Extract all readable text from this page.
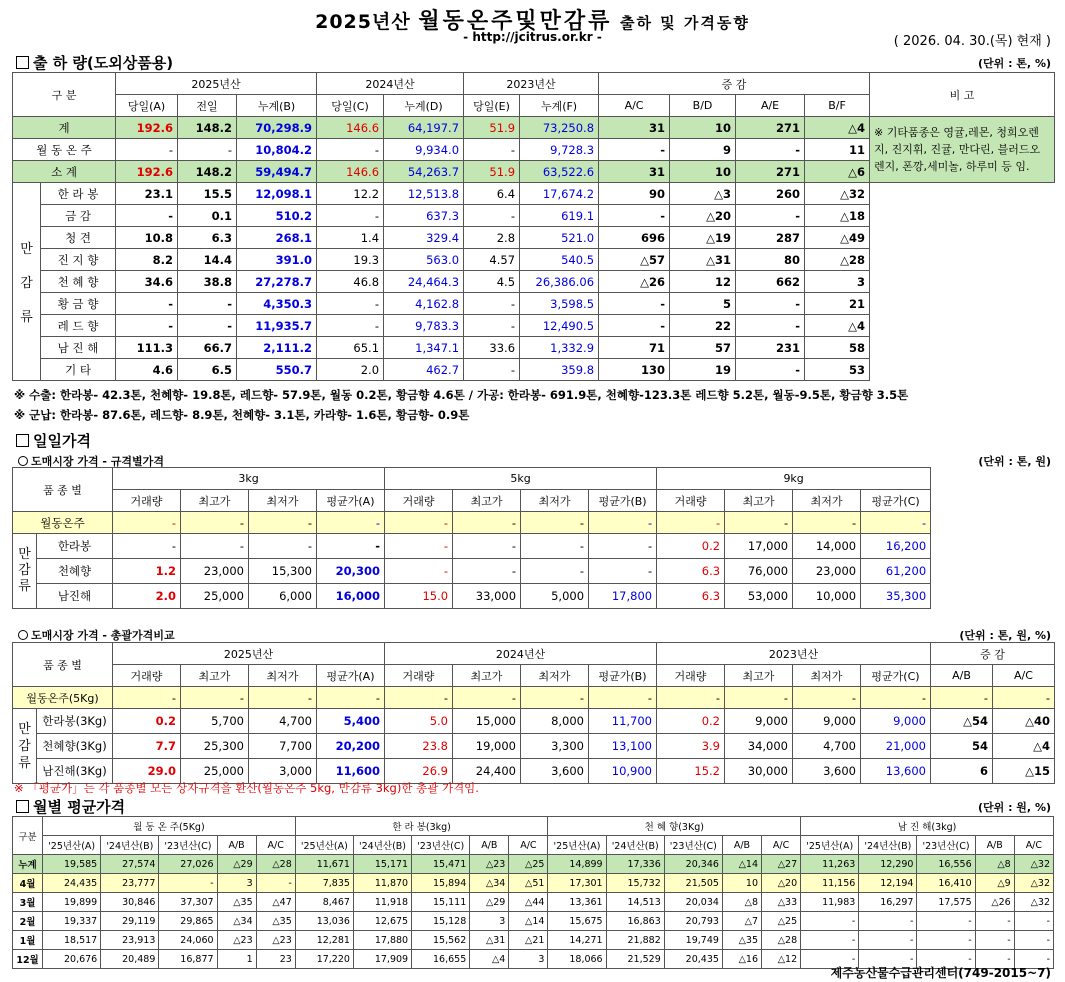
2025년산 월동온주및만감류 출하 및 가격동향
- http://jcitrus.or.kr -	( 2026. 04. 30.(목) 현재 )
출 하 량(도외상품용)	(단위 : 톤, %)
구 분		2025년산			2024년산		2023년산		증 감				비 고
		당일(A)	전일	누계(B)	당일(C)	누계(D)	당일(E)	누계(F)	A/C	B/D	A/E	B/F	
계		192.6	148.2	70,298.9	146.6	64,197.7	51.9	73,250.8	31	10	271	△4	※ 기타품종은 영귤,레몬, 청희오렌지, 진지휘, 진귤, 만다린, 블러드오렌지, 폰깡,세미놀, 하루미 등 임.
월 동 온 주		-	-	10,804.2	-	9,934.0	-	9,728.3	-	9	-	11	
소 계		192.6	148.2	59,494.7	146.6	54,263.7	51.9	63,522.6	31	10	271	△6	
만

감

류	한 라 봉	23.1	15.5	12,098.1	12.2	12,513.8	6.4	17,674.2	90	△3	260	△32	
	금 감	-	0.1	510.2	-	637.3	-	619.1	-	△20	-	△18	
	청 견	10.8	6.3	268.1	1.4	329.4	2.8	521.0	696	△19	287	△49	
	진 지 향	8.2	14.4	391.0	19.3	563.0	4.57	540.5	△57	△31	80	△28	
	천 혜 향	34.6	38.8	27,278.7	46.8	24,464.3	4.5	26,386.06	△26	12	662	3	
	황 금 향	-	-	4,350.3	-	4,162.8	-	3,598.5	-	5	-	21	
	레 드 향	-	-	11,935.7	-	9,783.3	-	12,490.5	-	22	-	△4	
	남 진 해	111.3	66.7	2,111.2	65.1	1,347.1	33.6	1,332.9	71	57	231	58	
	기 타	4.6	6.5	550.7	2.0	462.7	-	359.8	130	19	-	53	
※ 수출: 한라봉- 42.3톤, 천혜향- 19.8톤, 레드향- 57.9톤, 월동 0.2톤, 황금향 4.6톤 / 가공: 한라봉- 691.9톤, 천혜향-123.3톤 레드향 5.2톤, 월동-9.5톤, 황금향 3.5톤
※ 군납: 한라봉- 87.6톤, 레드향- 8.9톤, 천혜향- 3.1톤, 카라향- 1.6톤, 황금향- 0.9톤
일일가격
도매시장 가격 - 규격별가격	(단위 : 톤, 원)
품 종 별		3kg				5kg				9kg			
		거래량	최고가	최저가	평균가(A)	거래량	최고가	최저가	평균가(B)	거래량	최고가	최저가	평균가(C)
월동온주		-	-	-	-	-	-	-	-	-	-	-	-
만
감
류	한라봉	-	-	-	-	-	-	-	-	0.2	17,000	14,000	16,200
	천혜향	1.2	23,000	15,300	20,300	-	-	-	-	6.3	76,000	23,000	61,200
	남진해	2.0	25,000	6,000	16,000	15.0	33,000	5,000	17,800	6.3	53,000	10,000	35,300
도매시장 가격 - 총괄가격비교	(단위 : 톤, 원, %)
품 종 별		2025년산				2024년산				2023년산				증 감	
		거래량	최고가	최저가	평균가(A)	거래량	최고가	최저가	평균가(B)	거래량	최고가	최저가	평균가(C)	A/B	A/C
월동온주(5Kg)		-	-	-	-	-	-	-	-	-	-	-	-	-	-
만
감
류	한라봉(3Kg)	0.2	5,700	4,700	5,400	5.0	15,000	8,000	11,700	0.2	9,000	9,000	9,000	△54	△40
	천혜향(3Kg)	7.7	25,300	7,700	20,200	23.8	19,000	3,300	13,100	3.9	34,000	4,700	21,000	54	△4
	남진해(3Kg)	29.0	25,000	3,000	11,600	26.9	24,400	3,600	10,900	15.2	30,000	3,600	13,600	6	△15
※ 「평균가」는 각 품종별 모든 상자규격을 환산(월동온주 5kg, 만감류 3kg)한 총괄 가격임.
월별 평균가격	(단위 : 원, %)
구분	월 동 온 주(5Kg)					한 라 봉(3kg)					천 혜 향(3Kg)					남 진 해(3kg)				
	'25년산(A)	'24년산(B)	'23년산(C)	A/B	A/C	'25년산(A)	'24년산(B)	'23년산(C)	A/B	A/C	'25년산(A)	'24년산(B)	'23년산(C)	A/B	A/C	'25년산(A)	'24년산(B)	'23년산(C)	A/B	A/C
누계	19,585	27,574	27,026	△29	△28	11,671	15,171	15,471	△23	△25	14,899	17,336	20,346	△14	△27	11,263	12,290	16,556	△8	△32
4월	24,435	23,777	-	3	-	7,835	11,870	15,894	△34	△51	17,301	15,732	21,505	10	△20	11,156	12,194	16,410	△9	△32
3월	19,899	30,846	37,307	△35	△47	8,467	11,918	15,111	△29	△44	13,361	14,513	20,034	△8	△33	11,983	16,297	17,575	△26	△32
2월	19,337	29,119	29,865	△34	△35	13,036	12,675	15,128	3	△14	15,675	16,863	20,793	△7	△25	-	-	-	-	-
1월	18,517	23,913	24,060	△23	△23	12,281	17,880	15,562	△31	△21	14,271	21,882	19,749	△35	△28	-	-	-	-	-
12월	20,676	20,489	16,877	1	23	17,220	17,909	16,655	△4	3	18,066	21,529	20,435	△16	△12	-	-	-	-	-
제주농산물수급관리센터(749-2015~7)
